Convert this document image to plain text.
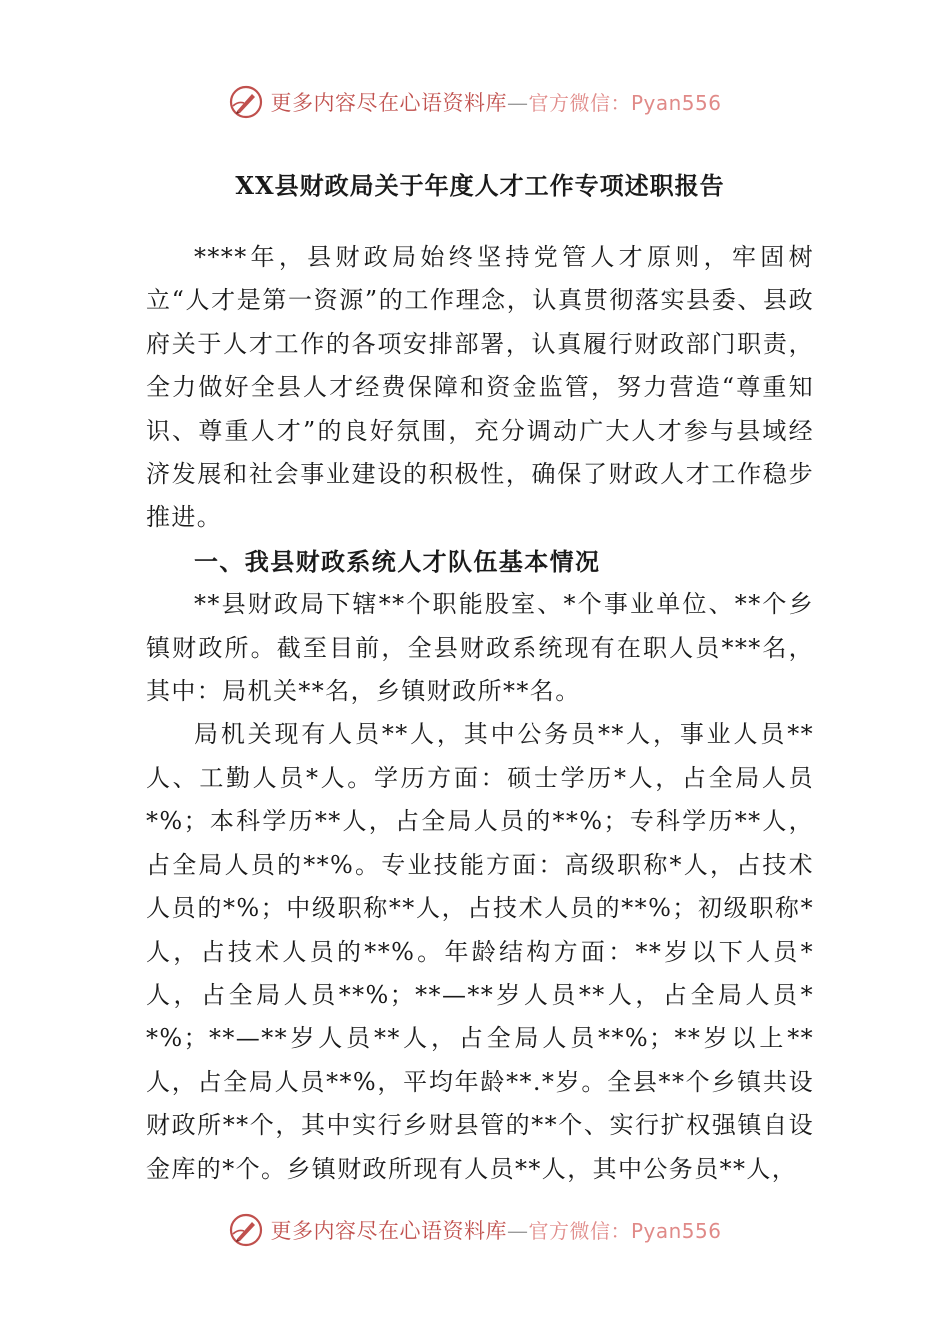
更多内容尽在心语资料库—官方微信：Pyan556
XX县财政局关于年度人才工作专项述职报告

****年，县财政局始终坚持党管人才原则，牢固树立“人才是第一资源”的工作理念，认真贯彻落实县委、县政府关于人才工作的各项安排部署，认真履行财政部门职责，全力做好全县人才经费保障和资金监管，努力营造“尊重知识、尊重人才”的良好氛围，充分调动广大人才参与县域经济发展和社会事业建设的积极性，确保了财政人才工作稳步推进。

一、我县财政系统人才队伍基本情况

**县财政局下辖**个职能股室、*个事业单位、**个乡镇财政所。截至目前，全县财政系统现有在职人员***名，其中：局机关**名，乡镇财政所**名。

局机关现有人员**人，其中公务员**人，事业人员**人、工勤人员*人。学历方面：硕士学历*人，占全局人员*%；本科学历**人，占全局人员的**%；专科学历**人，占全局人员的**%。专业技能方面：高级职称*人，占技术人员的*%；中级职称**人，占技术人员的**%；初级职称*人，占技术人员的**%。年龄结构方面：**岁以下人员*人，占全局人员**%；**—**岁人员**人，占全局人员**%；**—**岁人员**人，占全局人员**%；**岁以上**人，占全局人员**%，平均年龄**.*岁。全县**个乡镇共设财政所**个，其中实行乡财县管的**个、实行扩权强镇自设金库的*个。乡镇财政所现有人员**人，其中公务员**人，

更多内容尽在心语资料库—官方微信：Pyan556
